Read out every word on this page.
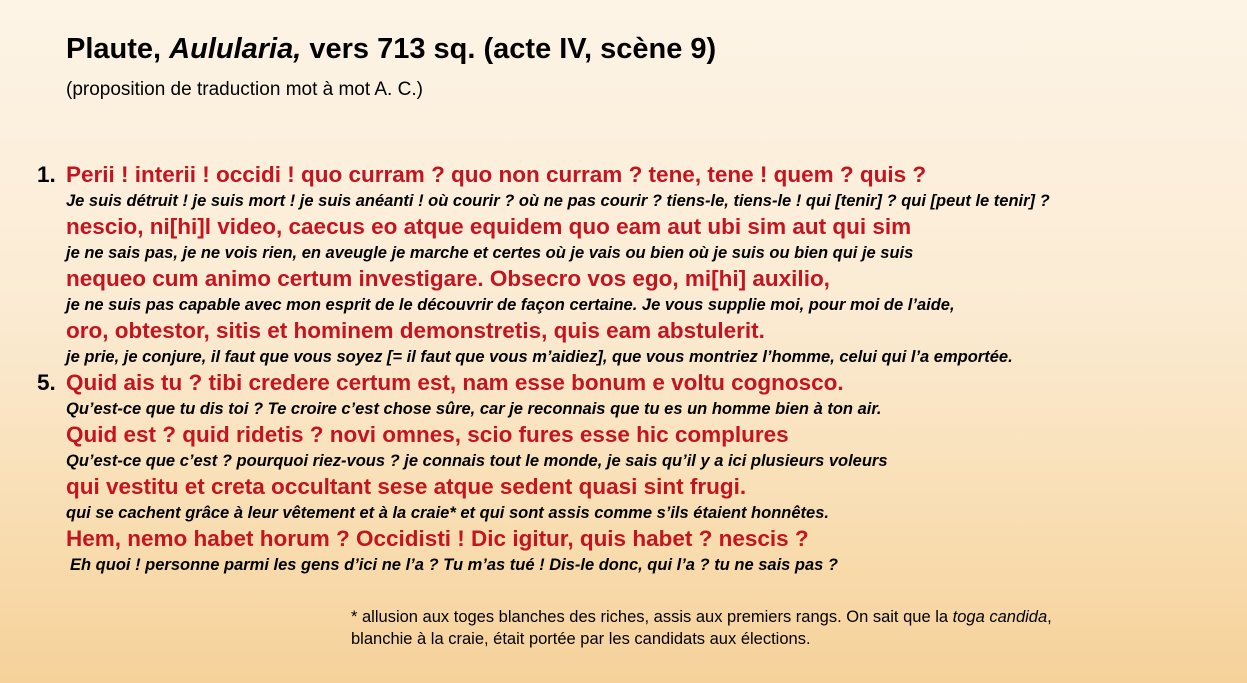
Plaute, Aulularia, vers 713 sq. (acte IV, scène 9)
(proposition de traduction mot à mot A. C.)
1. Perii ! interii ! occidi ! quo curram ? quo non curram ? tene, tene ! quem ? quis ?
Je suis détruit ! je suis mort ! je suis anéanti ! où courir ? où ne pas courir ? tiens-le, tiens-le ! qui [tenir] ? qui [peut le tenir] ?
nescio, ni[hi]l video, caecus eo atque equidem quo eam aut ubi sim aut qui sim
je ne sais pas, je ne vois rien, en aveugle je marche et certes où je vais ou bien où je suis ou bien qui je suis
nequeo cum animo certum investigare. Obsecro vos ego, mi[hi] auxilio,
je ne suis pas capable avec mon esprit de le découvrir de façon certaine. Je vous supplie moi, pour moi de l’aide,
oro, obtestor, sitis et hominem demonstretis, quis eam abstulerit.
je prie, je conjure, il faut que vous soyez [= il faut que vous m’aidiez], que vous montriez l’homme, celui qui l’a emportée.
5. Quid ais tu ? tibi credere certum est, nam esse bonum e voltu cognosco.
Qu’est-ce que tu dis toi ? Te croire c’est chose sûre, car je reconnais que tu es un homme bien à ton air.
Quid est ? quid ridetis ? novi omnes, scio fures esse hic complures
Qu’est-ce que c’est ? pourquoi riez-vous ? je connais tout le monde, je sais qu’il y a ici plusieurs voleurs
qui vestitu et creta occultant sese atque sedent quasi sint frugi.
qui se cachent grâce à leur vêtement et à la craie* et qui sont assis comme s’ils étaient honnêtes.
Hem, nemo habet horum ? Occidisti ! Dic igitur, quis habet ? nescis ?
Eh quoi ! personne parmi les gens d’ici ne l’a ? Tu m’as tué ! Dis-le donc, qui l’a ? tu ne sais pas ?
* allusion aux toges blanches des riches, assis aux premiers rangs. On sait que la toga candida,
blanchie à la craie, était portée par les candidats aux élections.
